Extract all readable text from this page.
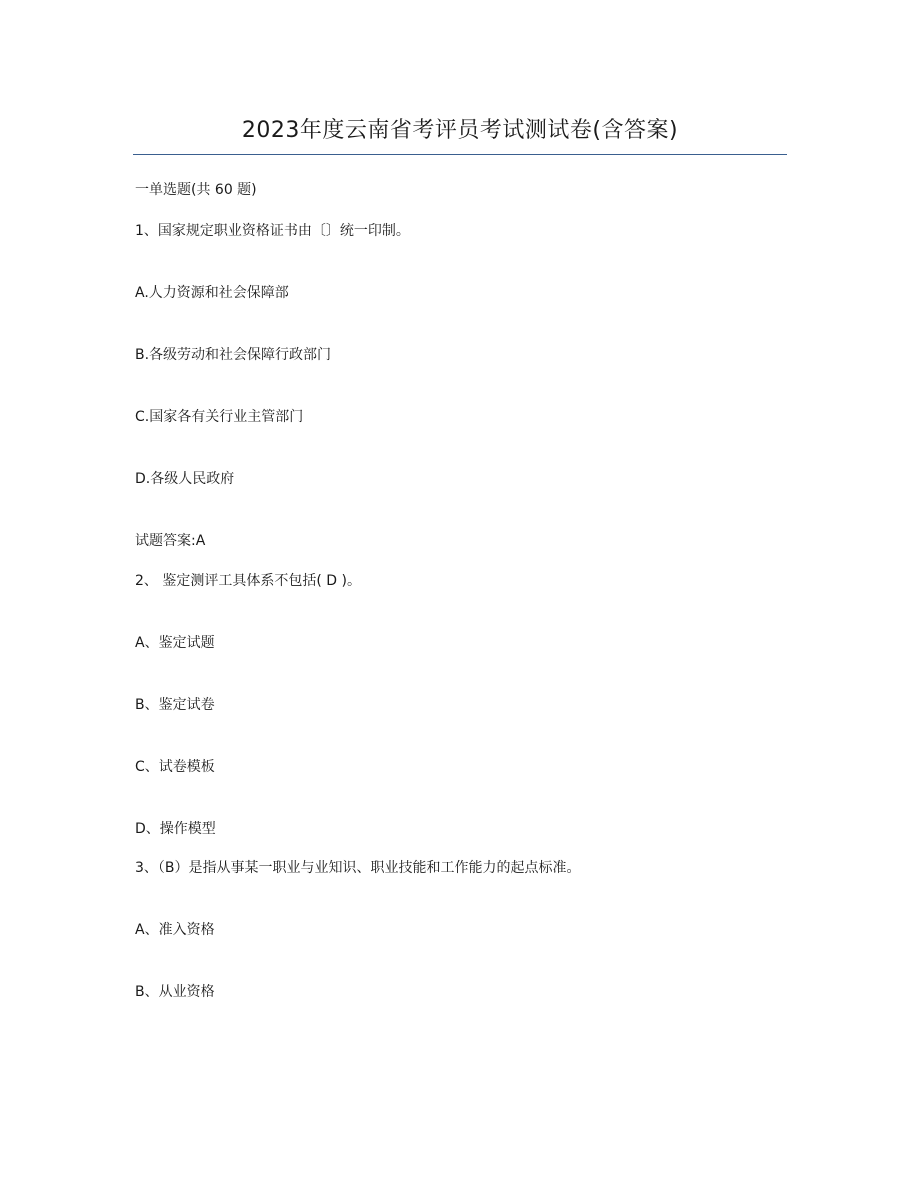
2023年度云南省考评员考试测试卷(含答案)
一单选题(共 60 题)
1、国家规定职业资格证书由〔〕统一印制。
A.人力资源和社会保障部
B.各级劳动和社会保障行政部门
C.国家各有关行业主管部门
D.各级人民政府
试题答案:A
2、 鉴定测评工具体系不包括( D )。
A、鉴定试题
B、鉴定试卷
C、试卷模板
D、操作模型
3、（B）是指从事某一职业与业知识、职业技能和工作能力的起点标准。
A、准入资格
B、从业资格
